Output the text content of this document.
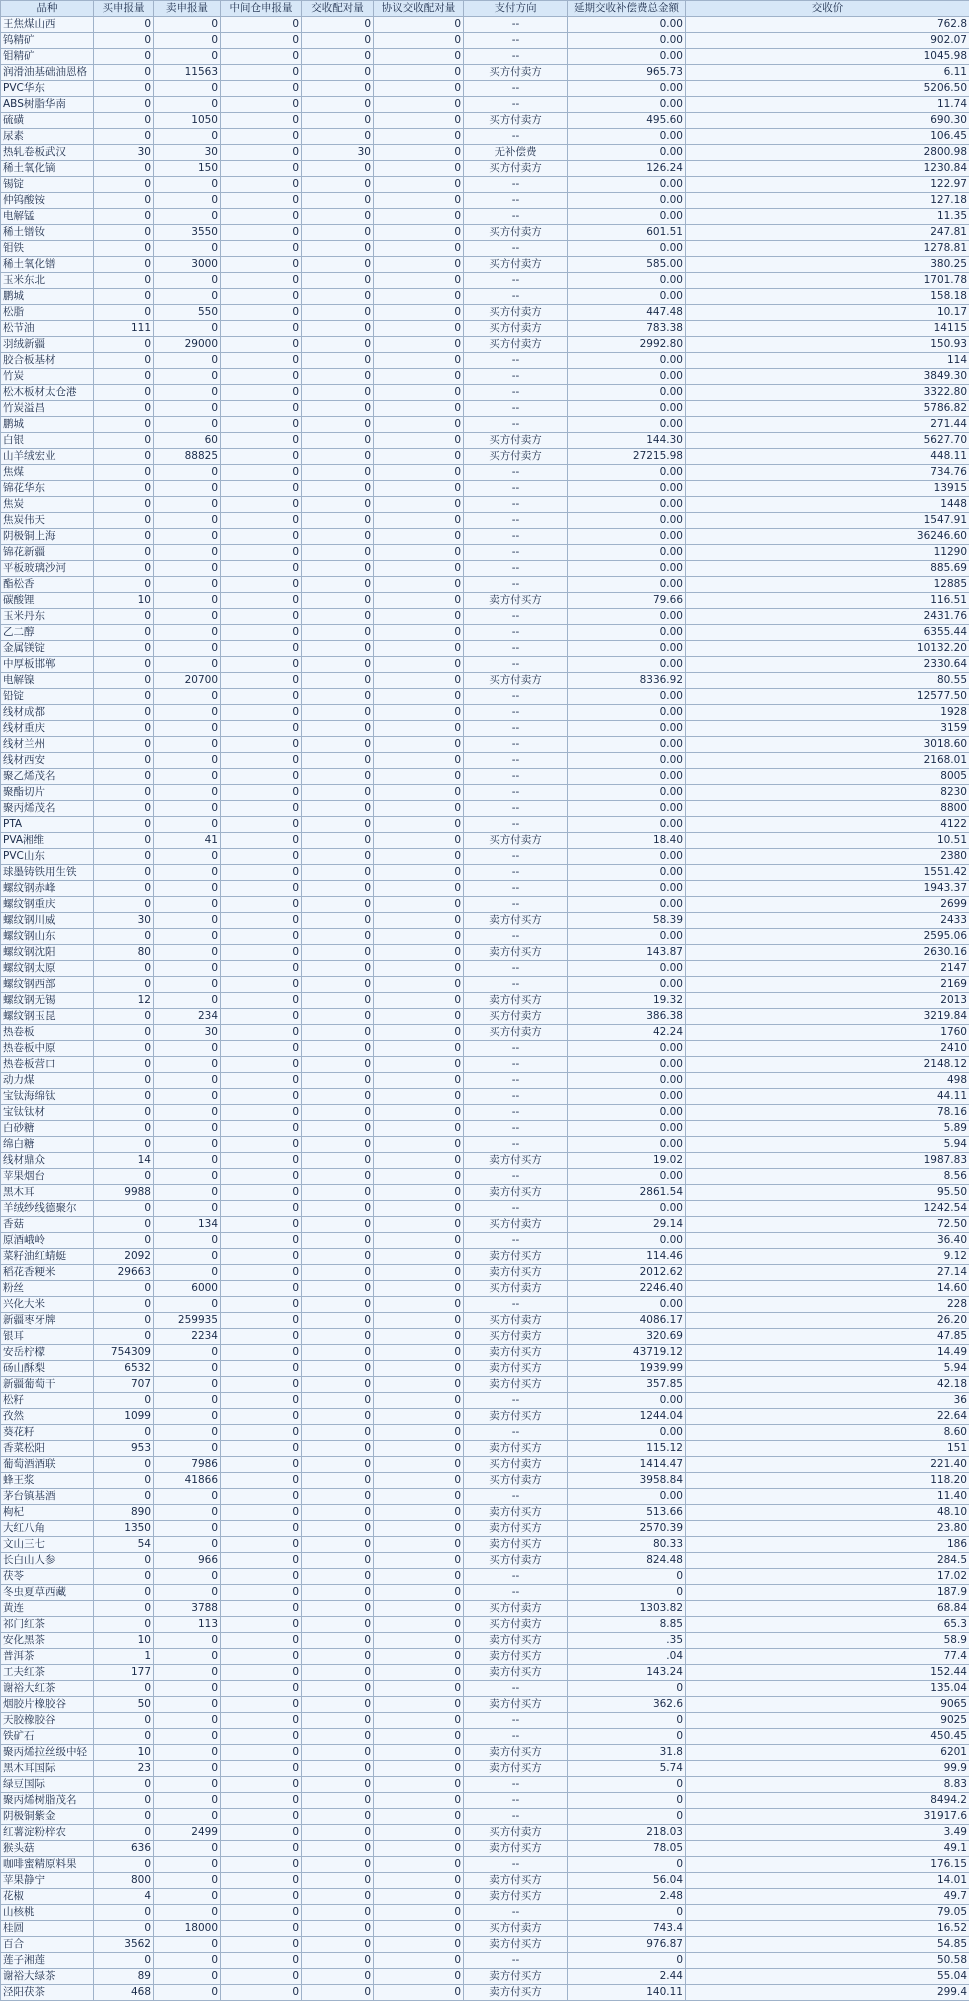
品种	买申报量	卖申报量	中间仓申报量	交收配对量	协议交收配对量	支付方向	延期交收补偿费总金额	交收价
王焦煤山西	0	0	0	0	0	--	0.00	762.8
钨精矿	0	0	0	0	0	--	0.00	902.07
钼精矿	0	0	0	0	0	--	0.00	1045.98
润滑油基础油恩格	0	11563	0	0	0	买方付卖方	965.73	6.11
PVC华东	0	0	0	0	0	--	0.00	5206.50
ABS树脂华南	0	0	0	0	0	--	0.00	11.74
硫磺	0	1050	0	0	0	买方付卖方	495.60	690.30
尿素	0	0	0	0	0	--	0.00	106.45
热轧卷板武汉	30	30	0	30	0	无补偿费	0.00	2800.98
稀土氧化镝	0	150	0	0	0	买方付卖方	126.24	1230.84
锡锭	0	0	0	0	0	--	0.00	122.97
仲钨酸铵	0	0	0	0	0	--	0.00	127.18
电解锰	0	0	0	0	0	--	0.00	11.35
稀土镨钕	0	3550	0	0	0	买方付卖方	601.51	247.81
钼铁	0	0	0	0	0	--	0.00	1278.81
稀土氧化镨	0	3000	0	0	0	买方付卖方	585.00	380.25
玉米东北	0	0	0	0	0	--	0.00	1701.78
鹏城	0	0	0	0	0	--	0.00	158.18
松脂	0	550	0	0	0	买方付卖方	447.48	10.17
松节油	111	0	0	0	0	买方付卖方	783.38	14115
羽绒新疆	0	29000	0	0	0	买方付卖方	2992.80	150.93
胶合板基材	0	0	0	0	0	--	0.00	114
竹炭	0	0	0	0	0	--	0.00	3849.30
松木板材太仓港	0	0	0	0	0	--	0.00	3322.80
竹炭溢昌	0	0	0	0	0	--	0.00	5786.82
鹏城	0	0	0	0	0	--	0.00	271.44
白银	0	60	0	0	0	买方付卖方	144.30	5627.70
山羊绒宏业	0	88825	0	0	0	买方付卖方	27215.98	448.11
焦煤	0	0	0	0	0	--	0.00	734.76
锦花华东	0	0	0	0	0	--	0.00	13915
焦炭	0	0	0	0	0	--	0.00	1448
焦炭伟天	0	0	0	0	0	--	0.00	1547.91
阴极铜上海	0	0	0	0	0	--	0.00	36246.60
锦花新疆	0	0	0	0	0	--	0.00	11290
平板玻璃沙河	0	0	0	0	0	--	0.00	885.69
酯松香	0	0	0	0	0	--	0.00	12885
碳酸锂	10	0	0	0	0	卖方付买方	79.66	116.51
玉米丹东	0	0	0	0	0	--	0.00	2431.76
乙二醇	0	0	0	0	0	--	0.00	6355.44
金属镁锭	0	0	0	0	0	--	0.00	10132.20
中厚板邯郸	0	0	0	0	0	--	0.00	2330.64
电解镍	0	20700	0	0	0	买方付卖方	8336.92	80.55
铅锭	0	0	0	0	0	--	0.00	12577.50
线材成都	0	0	0	0	0	--	0.00	1928
线材重庆	0	0	0	0	0	--	0.00	3159
线材兰州	0	0	0	0	0	--	0.00	3018.60
线材西安	0	0	0	0	0	--	0.00	2168.01
聚乙烯茂名	0	0	0	0	0	--	0.00	8005
聚酯切片	0	0	0	0	0	--	0.00	8230
聚丙烯茂名	0	0	0	0	0	--	0.00	8800
PTA	0	0	0	0	0	--	0.00	4122
PVA湘维	0	41	0	0	0	买方付卖方	18.40	10.51
PVC山东	0	0	0	0	0	--	0.00	2380
球墨铸铁用生铁	0	0	0	0	0	--	0.00	1551.42
螺纹钢赤峰	0	0	0	0	0	--	0.00	1943.37
螺纹钢重庆	0	0	0	0	0	--	0.00	2699
螺纹钢川威	30	0	0	0	0	卖方付买方	58.39	2433
螺纹钢山东	0	0	0	0	0	--	0.00	2595.06
螺纹钢沈阳	80	0	0	0	0	卖方付买方	143.87	2630.16
螺纹钢太原	0	0	0	0	0	--	0.00	2147
螺纹钢西部	0	0	0	0	0	--	0.00	2169
螺纹钢无锡	12	0	0	0	0	卖方付买方	19.32	2013
螺纹钢玉昆	0	234	0	0	0	买方付卖方	386.38	3219.84
热卷板	0	30	0	0	0	买方付卖方	42.24	1760
热卷板中原	0	0	0	0	0	--	0.00	2410
热卷板营口	0	0	0	0	0	--	0.00	2148.12
动力煤	0	0	0	0	0	--	0.00	498
宝钛海绵钛	0	0	0	0	0	--	0.00	44.11
宝钛钛材	0	0	0	0	0	--	0.00	78.16
白砂糖	0	0	0	0	0	--	0.00	5.89
绵白糖	0	0	0	0	0	--	0.00	5.94
线材鼎众	14	0	0	0	0	卖方付买方	19.02	1987.83
苹果烟台	0	0	0	0	0	--	0.00	8.56
黑木耳	9988	0	0	0	0	卖方付买方	2861.54	95.50
羊绒纱线德聚尔	0	0	0	0	0	--	0.00	1242.54
香菇	0	134	0	0	0	买方付卖方	29.14	72.50
原酒峨岭	0	0	0	0	0	--	0.00	36.40
菜籽油红蜻蜓	2092	0	0	0	0	卖方付买方	114.46	9.12
稻花香粳米	29663	0	0	0	0	卖方付买方	2012.62	27.14
粉丝	0	6000	0	0	0	买方付卖方	2246.40	14.60
兴化大米	0	0	0	0	0	--	0.00	228
新疆枣牙牌	0	259935	0	0	0	买方付卖方	4086.17	26.20
银耳	0	2234	0	0	0	买方付卖方	320.69	47.85
安岳柠檬	754309	0	0	0	0	卖方付买方	43719.12	14.49
砀山酥梨	6532	0	0	0	0	卖方付买方	1939.99	5.94
新疆葡萄干	707	0	0	0	0	卖方付买方	357.85	42.18
松籽	0	0	0	0	0	--	0.00	36
孜然	1099	0	0	0	0	卖方付买方	1244.04	22.64
葵花籽	0	0	0	0	0	--	0.00	8.60
香菜松阳	953	0	0	0	0	卖方付买方	115.12	151
葡萄酒酒联	0	7986	0	0	0	买方付卖方	1414.47	221.40
蜂王浆	0	41866	0	0	0	买方付卖方	3958.84	118.20
茅台镇基酒	0	0	0	0	0	--	0.00	11.40
枸杞	890	0	0	0	0	卖方付买方	513.66	48.10
大红八角	1350	0	0	0	0	卖方付买方	2570.39	23.80
文山三七	54	0	0	0	0	卖方付买方	80.33	186
长白山人参	0	966	0	0	0	买方付卖方	824.48	284.5
茯苓	0	0	0	0	0	--	0	17.02
冬虫夏草西藏	0	0	0	0	0	--	0	187.9
黄连	0	3788	0	0	0	买方付卖方	1303.82	68.84
祁门红茶	0	113	0	0	0	买方付卖方	8.85	65.3
安化黑茶	10	0	0	0	0	卖方付买方	.35	58.9
普洱茶	1	0	0	0	0	卖方付买方	.04	77.4
工夫红茶	177	0	0	0	0	卖方付买方	143.24	152.44
谢裕大红茶	0	0	0	0	0	--	0	135.04
烟胶片橡胶谷	50	0	0	0	0	卖方付买方	362.6	9065
天胶橡胶谷	0	0	0	0	0	--	0	9025
铁矿石	0	0	0	0	0	--	0	450.45
聚丙烯拉丝级中轻	10	0	0	0	0	卖方付买方	31.8	6201
黑木耳国际	23	0	0	0	0	卖方付买方	5.74	99.9
绿豆国际	0	0	0	0	0	--	0	8.83
聚丙烯树脂茂名	0	0	0	0	0	--	0	8494.2
阴极铜紫金	0	0	0	0	0	--	0	31917.6
红薯淀粉梓农	0	2499	0	0	0	买方付卖方	218.03	3.49
猴头菇	636	0	0	0	0	卖方付买方	78.05	49.1
咖啡蜜精原料果	0	0	0	0	0	--	0	176.15
苹果静宁	800	0	0	0	0	卖方付买方	56.04	14.01
花椒	4	0	0	0	0	卖方付买方	2.48	49.7
山核桃	0	0	0	0	0	--	0	79.05
桂圆	0	18000	0	0	0	买方付卖方	743.4	16.52
百合	3562	0	0	0	0	卖方付买方	976.87	54.85
莲子湘莲	0	0	0	0	0	--	0	50.58
谢裕大绿茶	89	0	0	0	0	卖方付买方	2.44	55.04
泾阳茯茶	468	0	0	0	0	卖方付买方	140.11	299.4
